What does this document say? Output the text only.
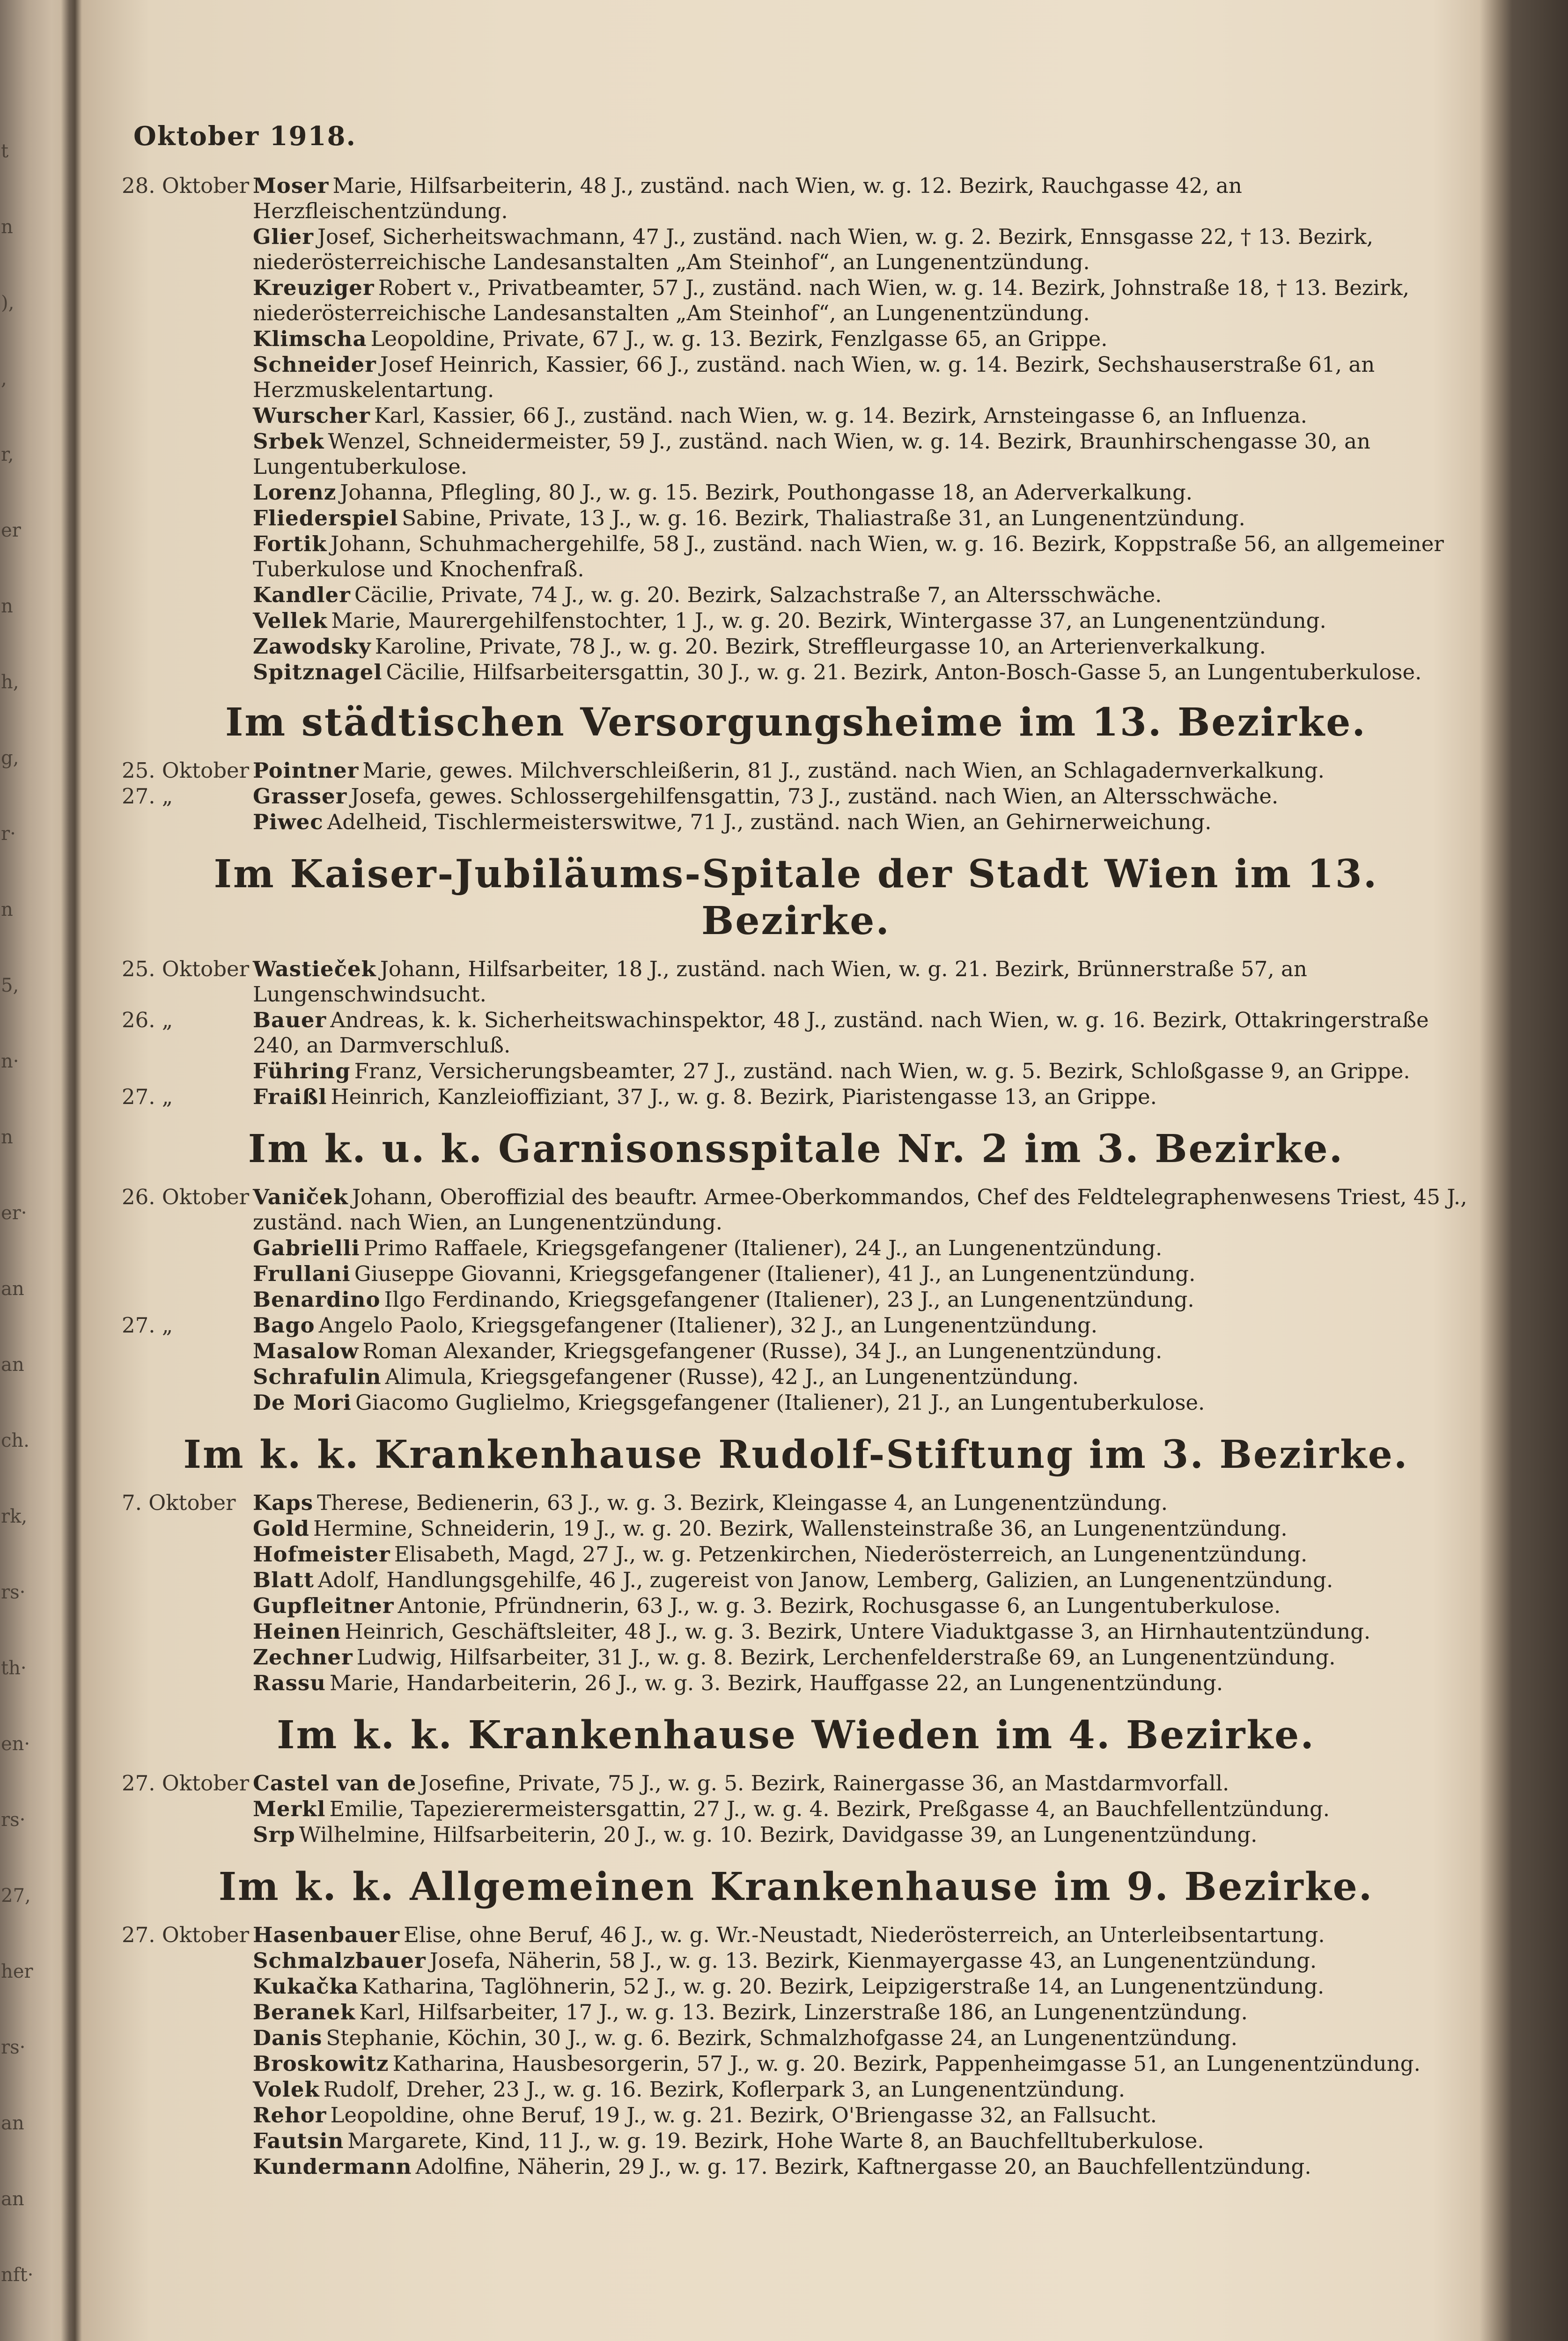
t
n
),
,
r,
er
n
h,
g,
r·
n
5,
n·
n
er·
an
an
ch.
rk,
rs·
th·
en·
rs·
27,
her
rs·
an
an
nft·
Oktober 1918.
28. Oktober Moser Marie, Hilfsarbeiterin, 48 J., zuständ. nach Wien, w. g. 12. Bezirk, Rauchgasse 42, an Herzfleischentzündung.
Glier Josef, Sicherheitswachmann, 47 J., zuständ. nach Wien, w. g. 2. Bezirk, Ennsgasse 22, † 13. Bezirk, niederösterreichische Landesanstalten „Am Steinhof“, an Lungenentzündung.
Kreuziger Robert v., Privatbeamter, 57 J., zuständ. nach Wien, w. g. 14. Bezirk, Johnstraße 18, † 13. Bezirk, niederösterreichische Landesanstalten „Am Steinhof“, an Lungenentzündung.
Klimscha Leopoldine, Private, 67 J., w. g. 13. Bezirk, Fenzlgasse 65, an Grippe.
Schneider Josef Heinrich, Kassier, 66 J., zuständ. nach Wien, w. g. 14. Bezirk, Sechshauserstraße 61, an Herzmuskelentartung.
Wurscher Karl, Kassier, 66 J., zuständ. nach Wien, w. g. 14. Bezirk, Arnsteingasse 6, an Influenza.
Srbek Wenzel, Schneidermeister, 59 J., zuständ. nach Wien, w. g. 14. Bezirk, Braunhirschengasse 30, an Lungentuberkulose.
Lorenz Johanna, Pflegling, 80 J., w. g. 15. Bezirk, Pouthongasse 18, an Aderverkalkung.
Fliederspiel Sabine, Private, 13 J., w. g. 16. Bezirk, Thaliastraße 31, an Lungenentzündung.
Fortik Johann, Schuhmachergehilfe, 58 J., zuständ. nach Wien, w. g. 16. Bezirk, Koppstraße 56, an allgemeiner Tuberkulose und Knochenfraß.
Kandler Cäcilie, Private, 74 J., w. g. 20. Bezirk, Salzachstraße 7, an Altersschwäche.
Vellek Marie, Maurergehilfenstochter, 1 J., w. g. 20. Bezirk, Wintergasse 37, an Lungenentzündung.
Zawodsky Karoline, Private, 78 J., w. g. 20. Bezirk, Streffleurgasse 10, an Arterienverkalkung.
Spitznagel Cäcilie, Hilfsarbeitersgattin, 30 J., w. g. 21. Bezirk, Anton-Bosch-Gasse 5, an Lungentuberkulose.
Im städtischen Versorgungsheime im 13. Bezirke.
25. Oktober Pointner Marie, gewes. Milchverschleißerin, 81 J., zuständ. nach Wien, an Schlagadernverkalkung.
27. „	Grasser Josefa, gewes. Schlossergehilfensgattin, 73 J., zuständ. nach Wien, an Altersschwäche.
Piwec Adelheid, Tischlermeisterswitwe, 71 J., zuständ. nach Wien, an Gehirnerweichung.
Im Kaiser-Jubiläums-Spitale der Stadt Wien im 13. Bezirke.
25. Oktober Wastieček Johann, Hilfsarbeiter, 18 J., zuständ. nach Wien, w. g. 21. Bezirk, Brünnerstraße 57, an Lungenschwindsucht.
26. „	Bauer Andreas, k. k. Sicherheitswachinspektor, 48 J., zuständ. nach Wien, w. g. 16. Bezirk, Ottakringerstraße 240, an Darmverschluß.
Führing Franz, Versicherungsbeamter, 27 J., zuständ. nach Wien, w. g. 5. Bezirk, Schloßgasse 9, an Grippe.
27. „	Fraißl Heinrich, Kanzleioffiziant, 37 J., w. g. 8. Bezirk, Piaristengasse 13, an Grippe.
Im k. u. k. Garnisonsspitale Nr. 2 im 3. Bezirke.
26. Oktober Vaniček Johann, Oberoffizial des beauftr. Armee-Oberkommandos, Chef des Feldtelegraphenwesens Triest, 45 J., zuständ. nach Wien, an Lungenentzündung.
Gabrielli Primo Raffaele, Kriegsgefangener (Italiener), 24 J., an Lungenentzündung.
Frullani Giuseppe Giovanni, Kriegsgefangener (Italiener), 41 J., an Lungenentzündung.
Benardino Ilgo Ferdinando, Kriegsgefangener (Italiener), 23 J., an Lungenentzündung.
27. „	Bago Angelo Paolo, Kriegsgefangener (Italiener), 32 J., an Lungenentzündung.
Masalow Roman Alexander, Kriegsgefangener (Russe), 34 J., an Lungenentzündung.
Schrafulin Alimula, Kriegsgefangener (Russe), 42 J., an Lungenentzündung.
De Mori Giacomo Guglielmo, Kriegsgefangener (Italiener), 21 J., an Lungentuberkulose.
Im k. k. Krankenhause Rudolf-Stiftung im 3. Bezirke.
7. Oktober Kaps Therese, Bedienerin, 63 J., w. g. 3. Bezirk, Kleingasse 4, an Lungenentzündung.
Gold Hermine, Schneiderin, 19 J., w. g. 20. Bezirk, Wallensteinstraße 36, an Lungenentzündung.
Hofmeister Elisabeth, Magd, 27 J., w. g. Petzenkirchen, Niederösterreich, an Lungenentzündung.
Blatt Adolf, Handlungsgehilfe, 46 J., zugereist von Janow, Lemberg, Galizien, an Lungenentzündung.
Gupfleitner Antonie, Pfründnerin, 63 J., w. g. 3. Bezirk, Rochusgasse 6, an Lungentuberkulose.
Heinen Heinrich, Geschäftsleiter, 48 J., w. g. 3. Bezirk, Untere Viaduktgasse 3, an Hirnhautentzündung.
Zechner Ludwig, Hilfsarbeiter, 31 J., w. g. 8. Bezirk, Lerchenfelderstraße 69, an Lungenentzündung.
Rassu Marie, Handarbeiterin, 26 J., w. g. 3. Bezirk, Hauffgasse 22, an Lungenentzündung.
Im k. k. Krankenhause Wieden im 4. Bezirke.
27. Oktober Castel van de Josefine, Private, 75 J., w. g. 5. Bezirk, Rainergasse 36, an Mastdarmvorfall.
Merkl Emilie, Tapezierermeistersgattin, 27 J., w. g. 4. Bezirk, Preßgasse 4, an Bauchfellentzündung.
Srp Wilhelmine, Hilfsarbeiterin, 20 J., w. g. 10. Bezirk, Davidgasse 39, an Lungenentzündung.
Im k. k. Allgemeinen Krankenhause im 9. Bezirke.
27. Oktober Hasenbauer Elise, ohne Beruf, 46 J., w. g. Wr.-Neustadt, Niederösterreich, an Unterleibsentartung.
Schmalzbauer Josefa, Näherin, 58 J., w. g. 13. Bezirk, Kienmayergasse 43, an Lungenentzündung.
Kukačka Katharina, Taglöhnerin, 52 J., w. g. 20. Bezirk, Leipzigerstraße 14, an Lungenentzündung.
Beranek Karl, Hilfsarbeiter, 17 J., w. g. 13. Bezirk, Linzerstraße 186, an Lungenentzündung.
Danis Stephanie, Köchin, 30 J., w. g. 6. Bezirk, Schmalzhofgasse 24, an Lungenentzündung.
Broskowitz Katharina, Hausbesorgerin, 57 J., w. g. 20. Bezirk, Pappenheimgasse 51, an Lungenentzündung.
Volek Rudolf, Dreher, 23 J., w. g. 16. Bezirk, Koflerpark 3, an Lungenentzündung.
Rehor Leopoldine, ohne Beruf, 19 J., w. g. 21. Bezirk, O'Briengasse 32, an Fallsucht.
Fautsin Margarete, Kind, 11 J., w. g. 19. Bezirk, Hohe Warte 8, an Bauchfelltuberkulose.
Kundermann Adolfine, Näherin, 29 J., w. g. 17. Bezirk, Kaftnergasse 20, an Bauchfellentzündung.
